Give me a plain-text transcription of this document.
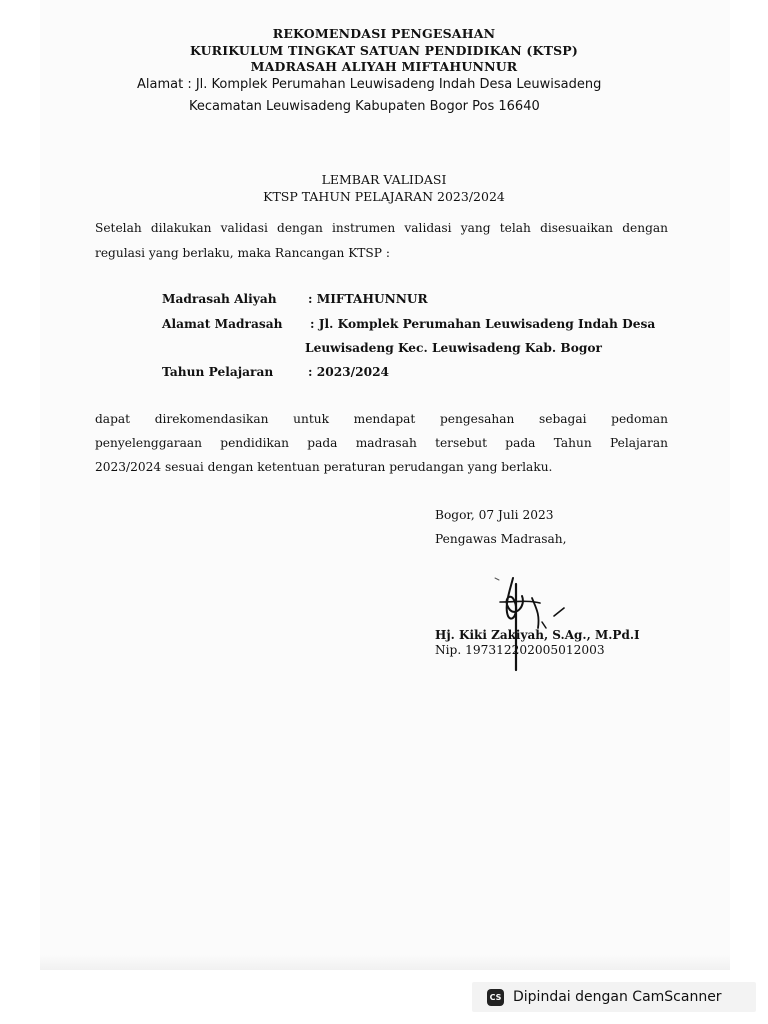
REKOMENDASI PENGESAHAN
KURIKULUM TINGKAT SATUAN PENDIDIKAN (KTSP)
MADRASAH ALIYAH MIFTAHUNNUR
Alamat : Jl. Komplek Perumahan Leuwisadeng Indah Desa Leuwisadeng
Kecamatan Leuwisadeng Kabupaten Bogor Pos 16640
LEMBAR VALIDASI
KTSP TAHUN PELAJARAN 2023/2024
Setelah dilakukan validasi dengan instrumen validasi yang telah disesuaikan dengan
regulasi yang berlaku, maka Rancangan KTSP :
Madrasah Aliyah	: MIFTAHUNNUR
Alamat Madrasah : Jl. Komplek Perumahan Leuwisadeng Indah Desa
Leuwisadeng Kec. Leuwisadeng Kab. Bogor
Tahun Pelajaran	: 2023/2024
dapat direkomendasikan untuk mendapat pengesahan sebagai pedoman
penyelenggaraan pendidikan pada madrasah tersebut pada Tahun Pelajaran
2023/2024 sesuai dengan ketentuan peraturan perudangan yang berlaku.
Bogor, 07 Juli 2023
Pengawas Madrasah,
Hj. Kiki Zakiyah, S.Ag., M.Pd.I
Nip. 197312202005012003
CS Dipindai dengan CamScanner
